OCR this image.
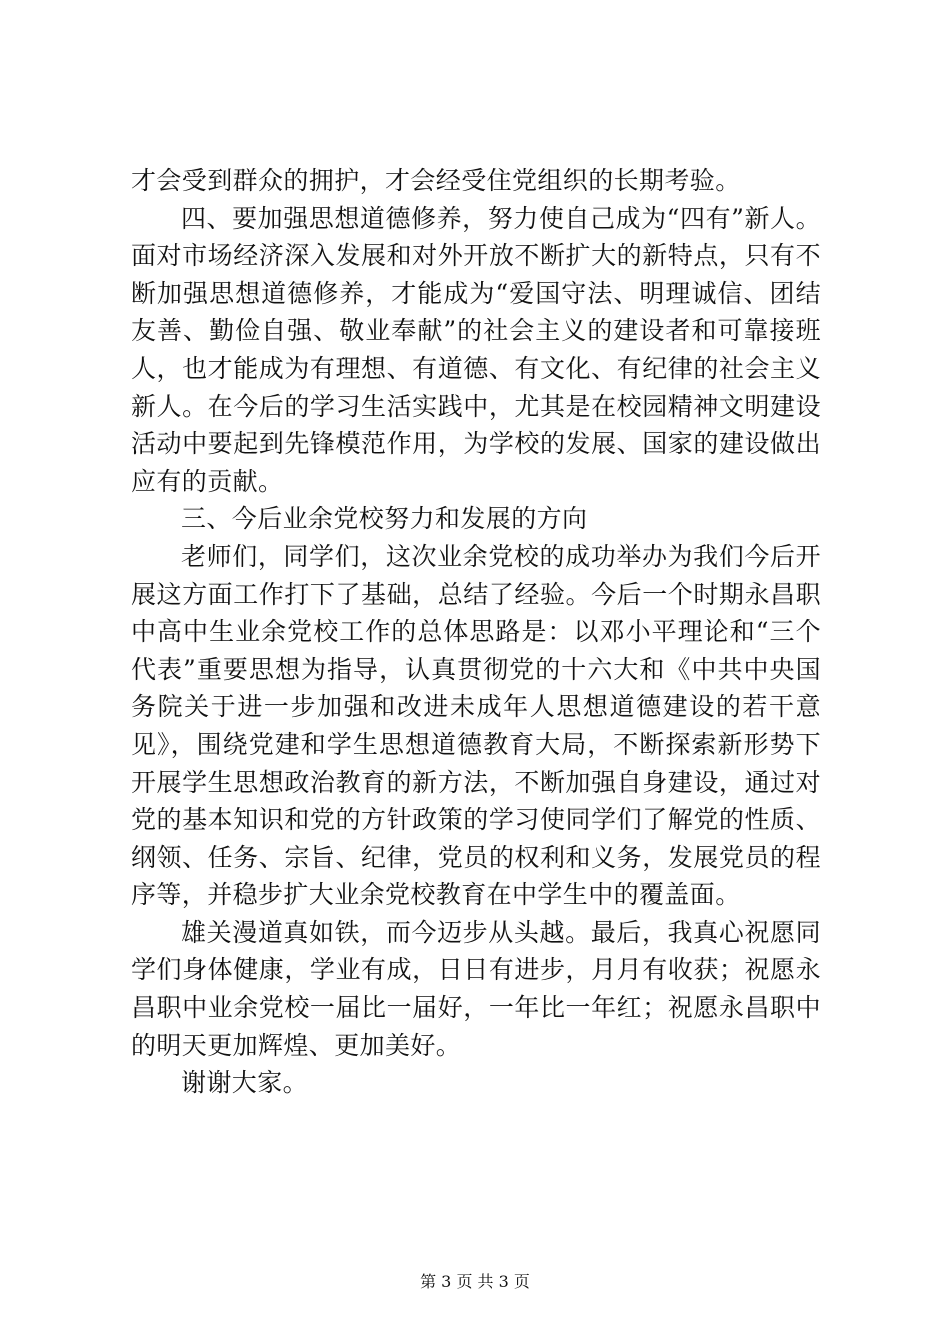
才会受到群众的拥护，才会经受住党组织的长期考验。

四、要加强思想道德修养，努力使自己成为“四有”新人。面对市场经济深入发展和对外开放不断扩大的新特点，只有不断加强思想道德修养，才能成为“爱国守法、明理诚信、团结友善、勤俭自强、敬业奉献”的社会主义的建设者和可靠接班人，也才能成为有理想、有道德、有文化、有纪律的社会主义新人。在今后的学习生活实践中，尤其是在校园精神文明建设活动中要起到先锋模范作用，为学校的发展、国家的建设做出应有的贡献。

三、今后业余党校努力和发展的方向

老师们，同学们，这次业余党校的成功举办为我们今后开展这方面工作打下了基础，总结了经验。今后一个时期永昌职中高中生业余党校工作的总体思路是：以邓小平理论和“三个代表”重要思想为指导，认真贯彻党的十六大和《中共中央国务院关于进一步加强和改进未成年人思想道德建设的若干意见》，围绕党建和学生思想道德教育大局，不断探索新形势下开展学生思想政治教育的新方法，不断加强自身建设，通过对党的基本知识和党的方针政策的学习使同学们了解党的性质、纲领、任务、宗旨、纪律，党员的权利和义务，发展党员的程序等，并稳步扩大业余党校教育在中学生中的覆盖面。

雄关漫道真如铁，而今迈步从头越。最后，我真心祝愿同学们身体健康，学业有成，日日有进步，月月有收获；祝愿永昌职中业余党校一届比一届好，一年比一年红；祝愿永昌职中的明天更加辉煌、更加美好。

谢谢大家。

第 3 页 共 3 页
